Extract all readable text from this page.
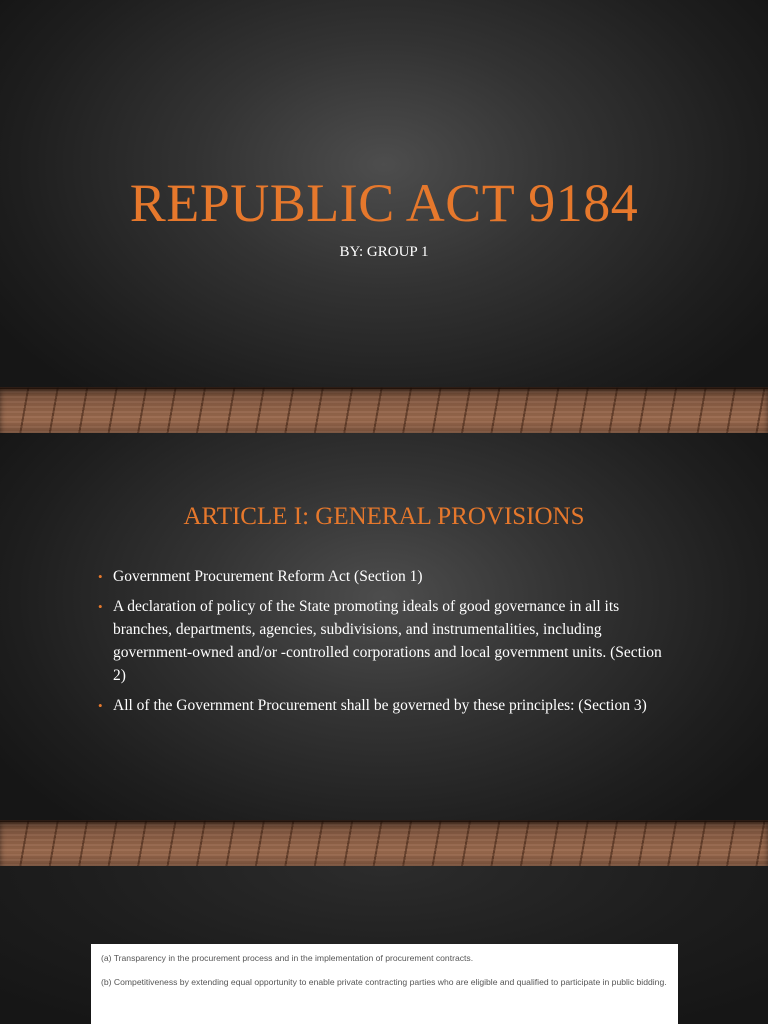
REPUBLIC ACT 9184
BY: GROUP 1
ARTICLE I: GENERAL PROVISIONS
• Government Procurement Reform Act (Section 1)
• A declaration of policy of the State promoting ideals of good governance in all its branches, departments, agencies, subdivisions, and instrumentalities, including government-owned and/or -controlled corporations and local government units. (Section 2)
• All of the Government Procurement shall be governed by these principles: (Section 3)

(a) Transparency in the procurement process and in the implementation of procurement contracts.

(b) Competitiveness by extending equal opportunity to enable private contracting parties who are eligible and qualified to participate in public bidding.
